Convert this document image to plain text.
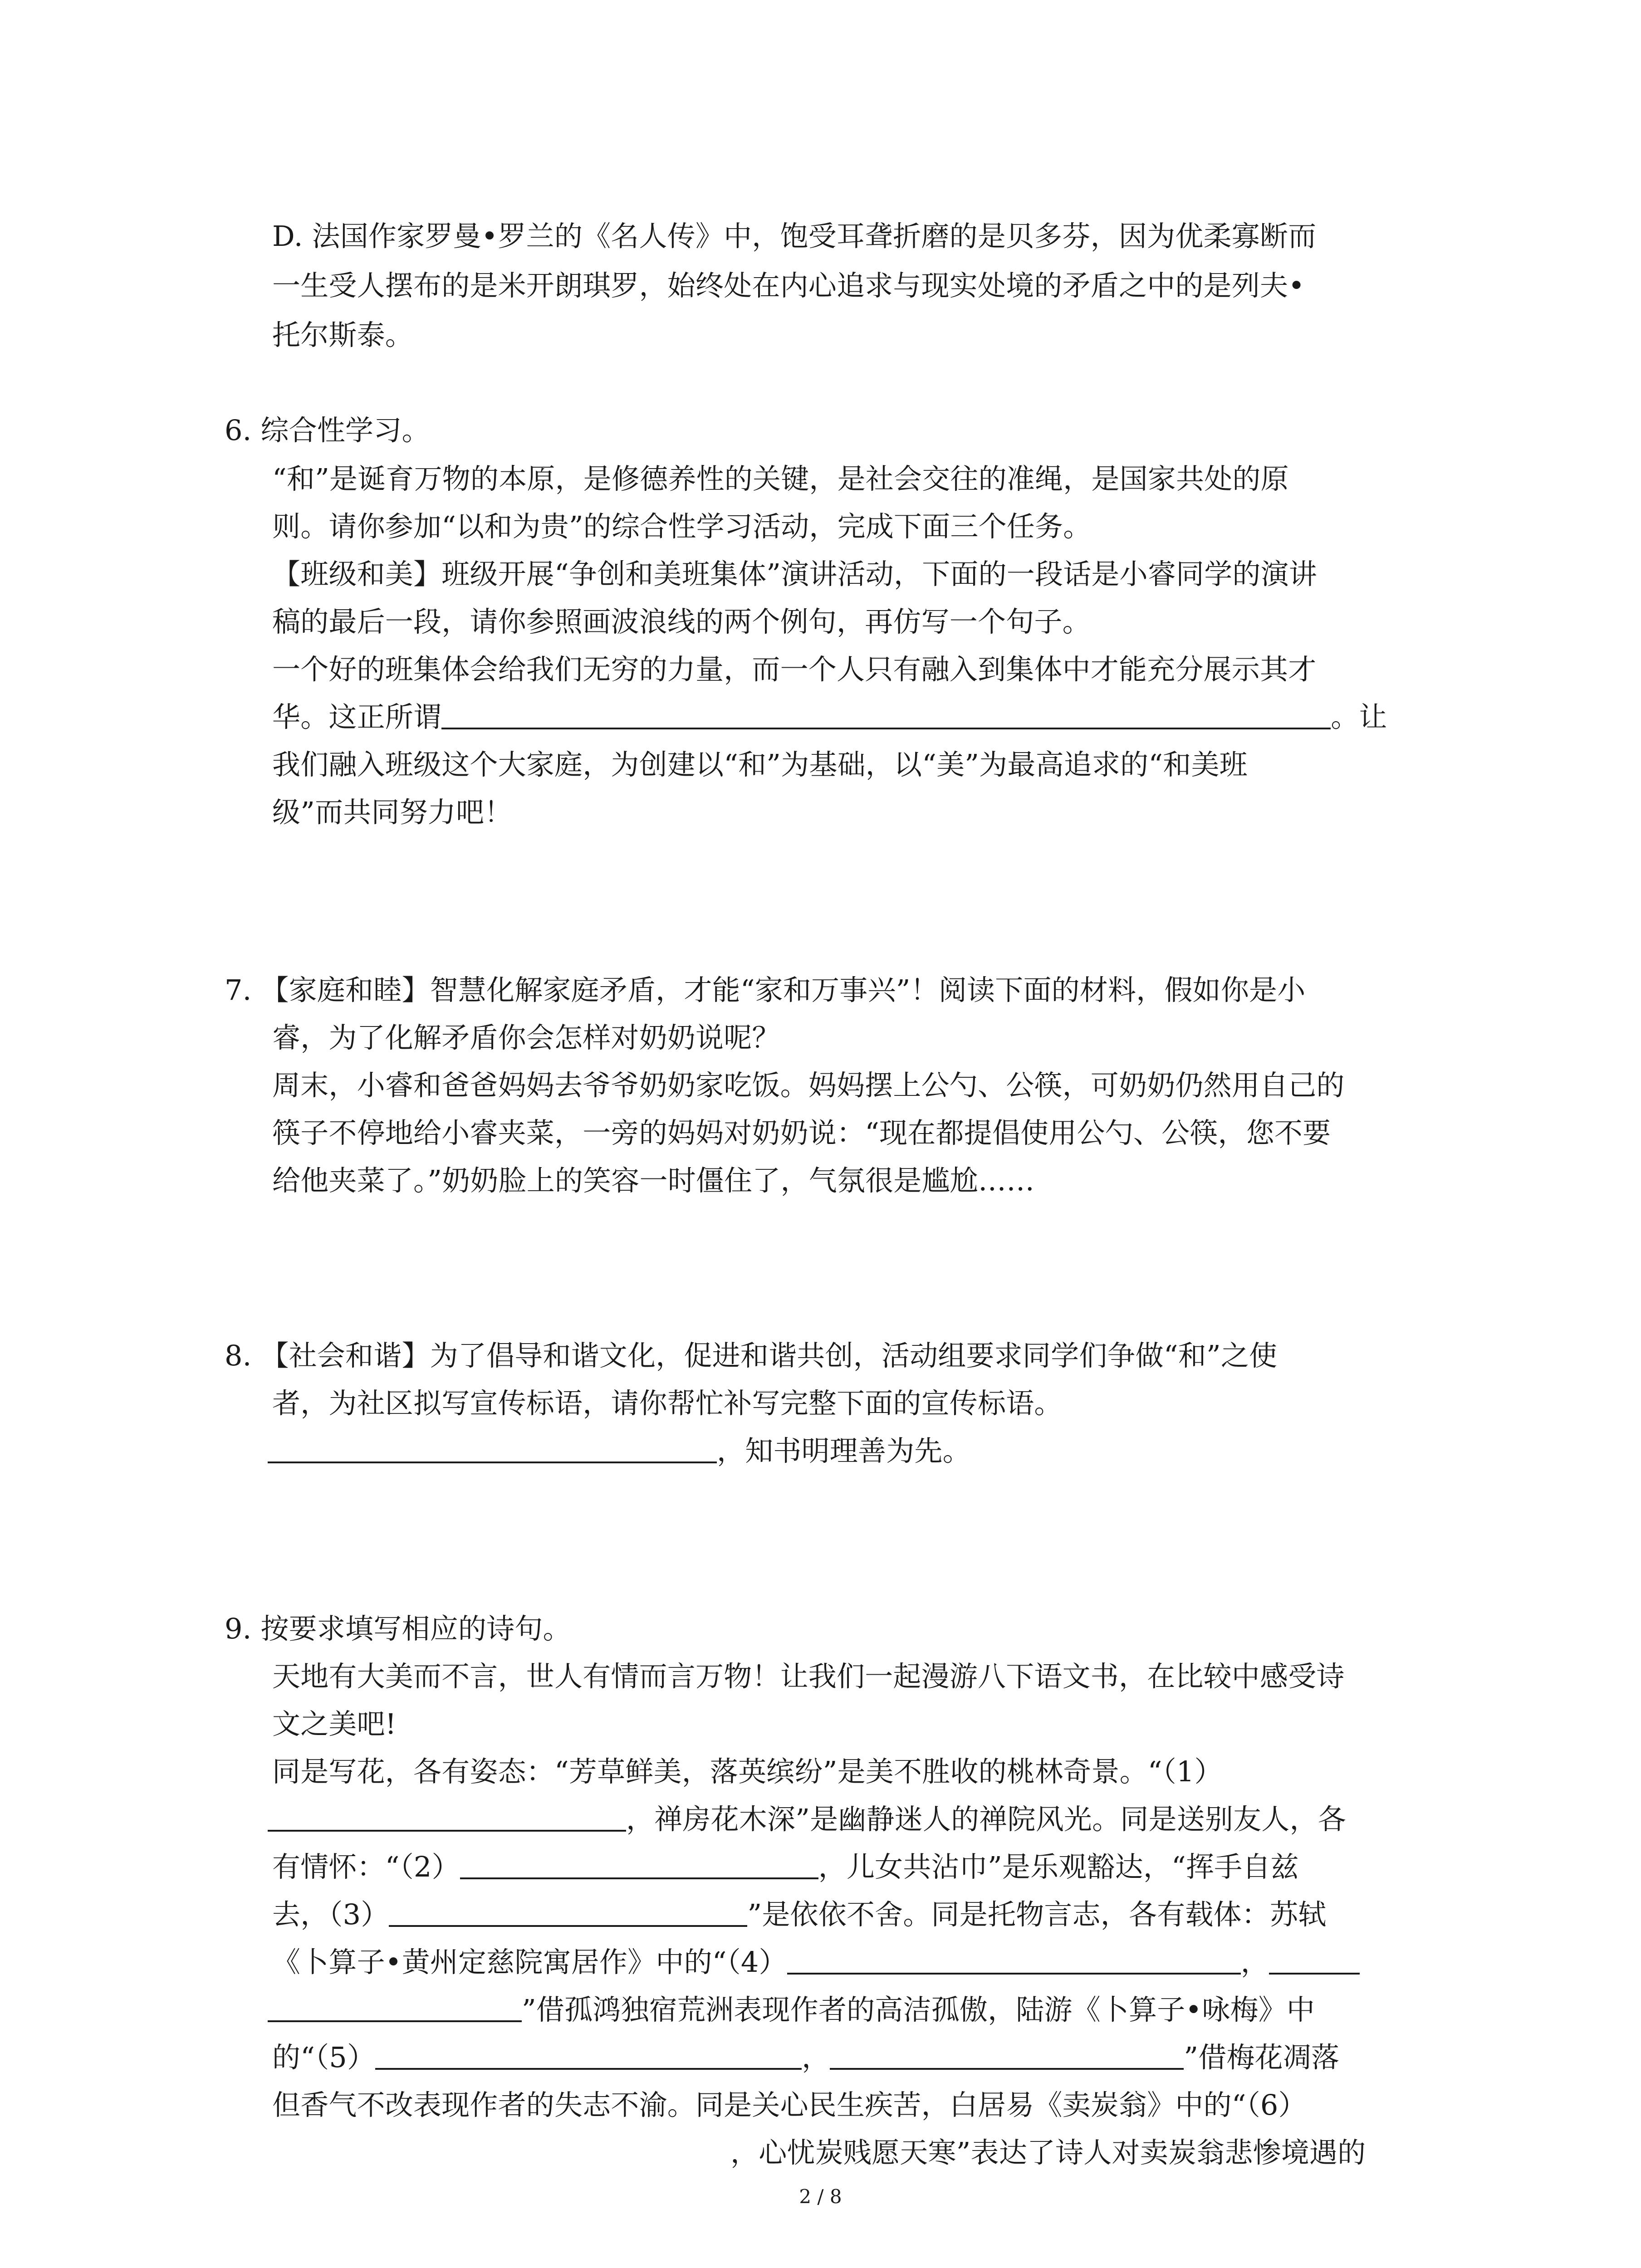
D. 法国作家罗曼•罗兰的《名人传》中，饱受耳聋折磨的是贝多芬，因为优柔寡断而
一生受人摆布的是米开朗琪罗，始终处在内心追求与现实处境的矛盾之中的是列夫•
托尔斯泰。
6. 综合性学习。
“和”是诞育万物的本原，是修德养性的关键，是社会交往的准绳，是国家共处的原
则。请你参加“以和为贵”的综合性学习活动，完成下面三个任务。
【班级和美】班级开展“争创和美班集体”演讲活动，下面的一段话是小睿同学的演讲
稿的最后一段，请你参照画波浪线的两个例句，再仿写一个句子。
一个好的班集体会给我们无穷的力量，而一个人只有融入到集体中才能充分展示其才
华。这正所谓	。让
我们融入班级这个大家庭，为创建以“和”为基础，以“美”为最高追求的“和美班
级”而共同努力吧！
7. 【家庭和睦】智慧化解家庭矛盾，才能“家和万事兴”！阅读下面的材料，假如你是小
睿，为了化解矛盾你会怎样对奶奶说呢？
周末，小睿和爸爸妈妈去爷爷奶奶家吃饭。妈妈摆上公勺、公筷，可奶奶仍然用自己的
筷子不停地给小睿夹菜，一旁的妈妈对奶奶说：“现在都提倡使用公勺、公筷，您不要
给他夹菜了。”奶奶脸上的笑容一时僵住了，气氛很是尴尬……
8. 【社会和谐】为了倡导和谐文化，促进和谐共创，活动组要求同学们争做“和”之使
者，为社区拟写宣传标语，请你帮忙补写完整下面的宣传标语。
，知书明理善为先。
9. 按要求填写相应的诗句。
天地有大美而不言，世人有情而言万物！让我们一起漫游八下语文书，在比较中感受诗
文之美吧!
同是写花，各有姿态：“芳草鲜美，落英缤纷”是美不胜收的桃林奇景。“（1）
，禅房花木深”是幽静迷人的禅院风光。同是送别友人，各
有情怀：“（2）	，儿女共沾巾”是乐观豁达，“挥手自兹
去，（3）	”是依依不舍。同是托物言志，各有载体：苏轼
《卜算子•黄州定慈院寓居作》中的“（4）	，
”借孤鸿独宿荒洲表现作者的高洁孤傲，陆游《卜算子•咏梅》中
的“（5）	，	”借梅花凋落
但香气不改表现作者的失志不渝。同是关心民生疾苦，白居易《卖炭翁》中的“（6）
，心忧炭贱愿天寒”表达了诗人对卖炭翁悲惨境遇的
2 / 8
